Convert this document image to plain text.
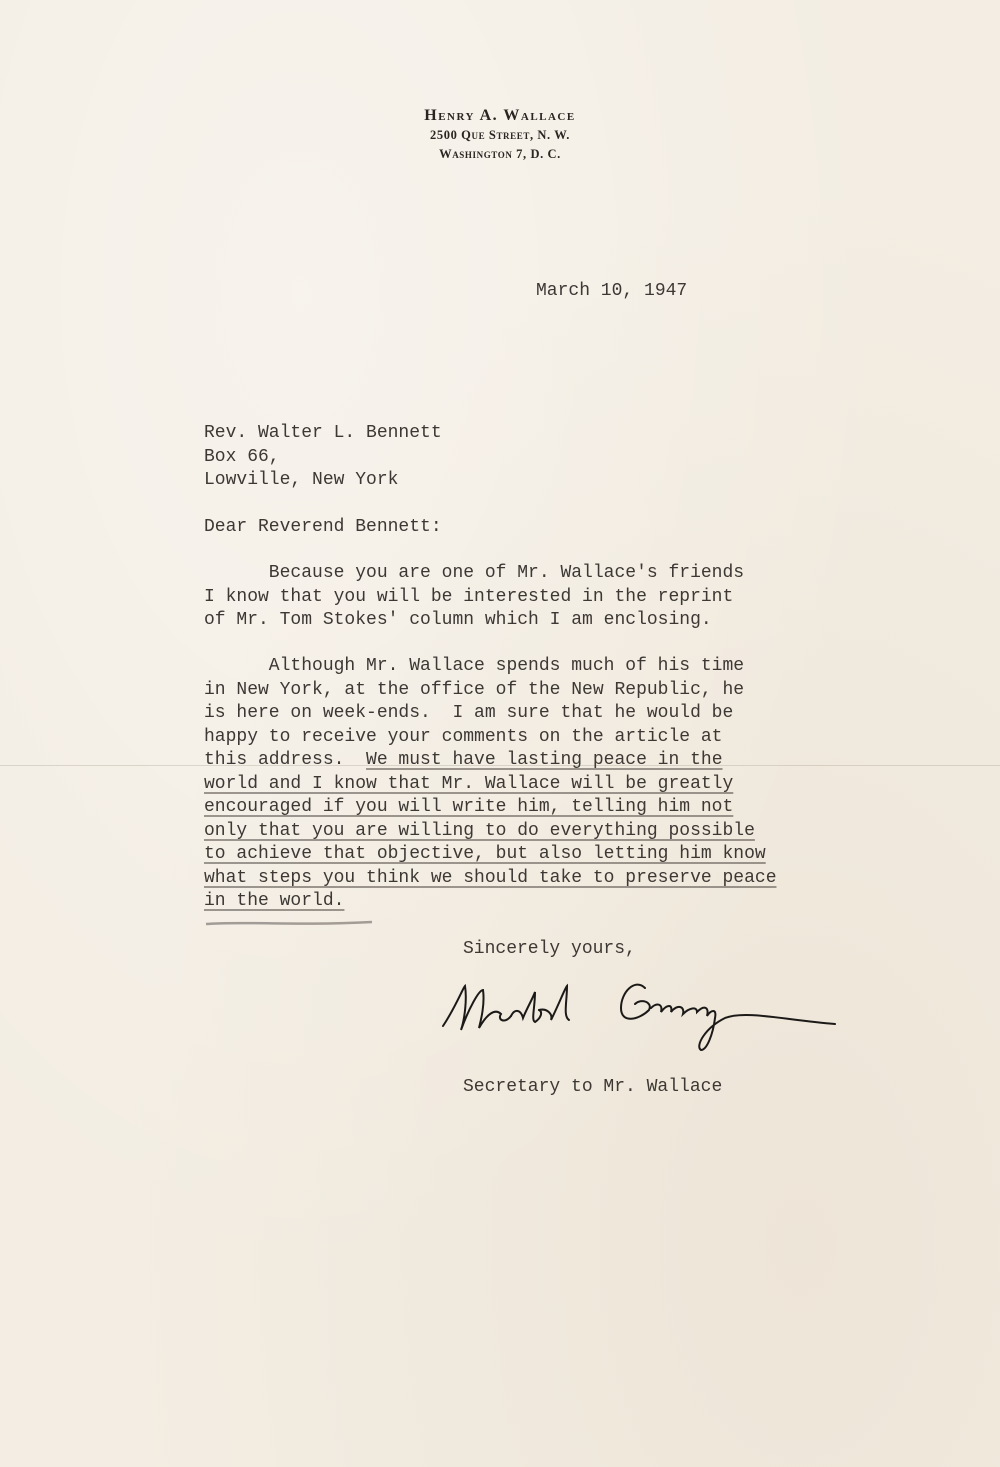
Henry A. Wallace
2500 Que Street, N. W.
Washington 7, D. C.
March 10, 1947
Rev. Walter L. Bennett
Box 66,
Lowville, New York
Dear Reverend Bennett:
Because you are one of Mr. Wallace's friends
I know that you will be interested in the reprint
of Mr. Tom Stokes' column which I am enclosing.
Although Mr. Wallace spends much of his time
in New York, at the office of the New Republic, he
is here on week-ends.  I am sure that he would be
happy to receive your comments on the article at
this address.  We must have lasting peace in the
world and I know that Mr. Wallace will be greatly
encouraged if you will write him, telling him not
only that you are willing to do everything possible
to achieve that objective, but also letting him know
what steps you think we should take to preserve peace
in the world.
Sincerely yours,
Secretary to Mr. Wallace
